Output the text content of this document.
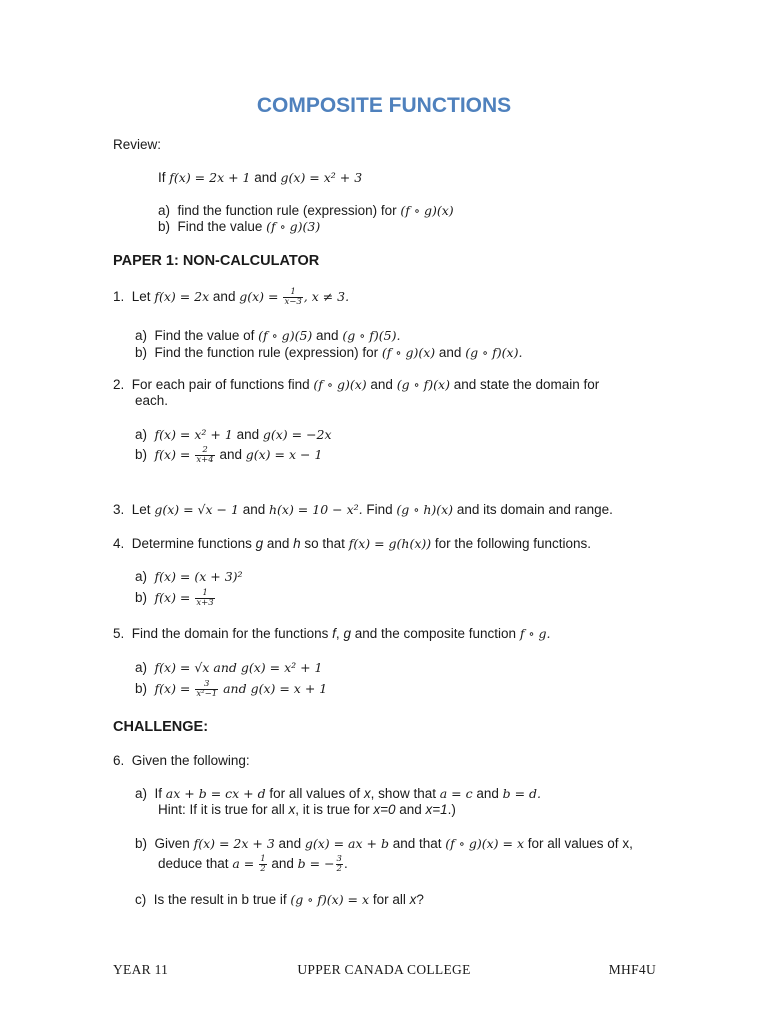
COMPOSITE FUNCTIONS
Review:
If f(x) = 2x + 1 and g(x) = x² + 3
a) find the function rule (expression) for (f ∘ g)(x)
b) Find the value (f ∘ g)(3)
PAPER 1: NON-CALCULATOR
1. Let f(x) = 2x and $g(x) = \frac{1}{x-3}$ , x ≠ 3.
a) Find the value of (f ∘ g)(5) and (g ∘ f)(5).
b) Find the function rule (expression) for (f ∘ g)(x) and (g ∘ f)(x).
2. For each pair of functions find (f ∘ g)(x) and (g ∘ f)(x) and state the domain for
each.
a) f(x) = x² + 1 and g(x) = −2x
b) $f(x) = \frac{2}{x+4}$ and g(x) = x − 1
3. Let g(x) = √x − 1 and h(x) = 10 − x². Find (g ∘ h)(x) and its domain and range.
4. Determine functions g and h so that f(x) = g(h(x)) for the following functions.
a) f(x) = (x + 3)²
b) $f(x) = \frac{1}{x+3}$
5. Find the domain for the functions f, g and the composite function f ∘ g.
a) f(x) = √x and g(x) = x² + 1
b) $f(x) = \frac{3}{\text{x²−1}}$ and g(x) = x + 1
CHALLENGE:
6. Given the following:
a) If ax + b = cx + d for all values of x, show that a = c and b = d.
Hint: If it is true for all x, it is true for x=0 and x=1.)
b) Given f(x) = 2x + 3 and g(x) = ax + b and that (f ∘ g)(x) = x for all values of x,
deduce that $a = \frac{1}{2}$ and b = − $\frac{3}{2}$ .
c) Is the result in b true if (g ∘ f)(x) = x for all x?
YEAR 11	UPPER CANADA COLLEGE	MHF4U
